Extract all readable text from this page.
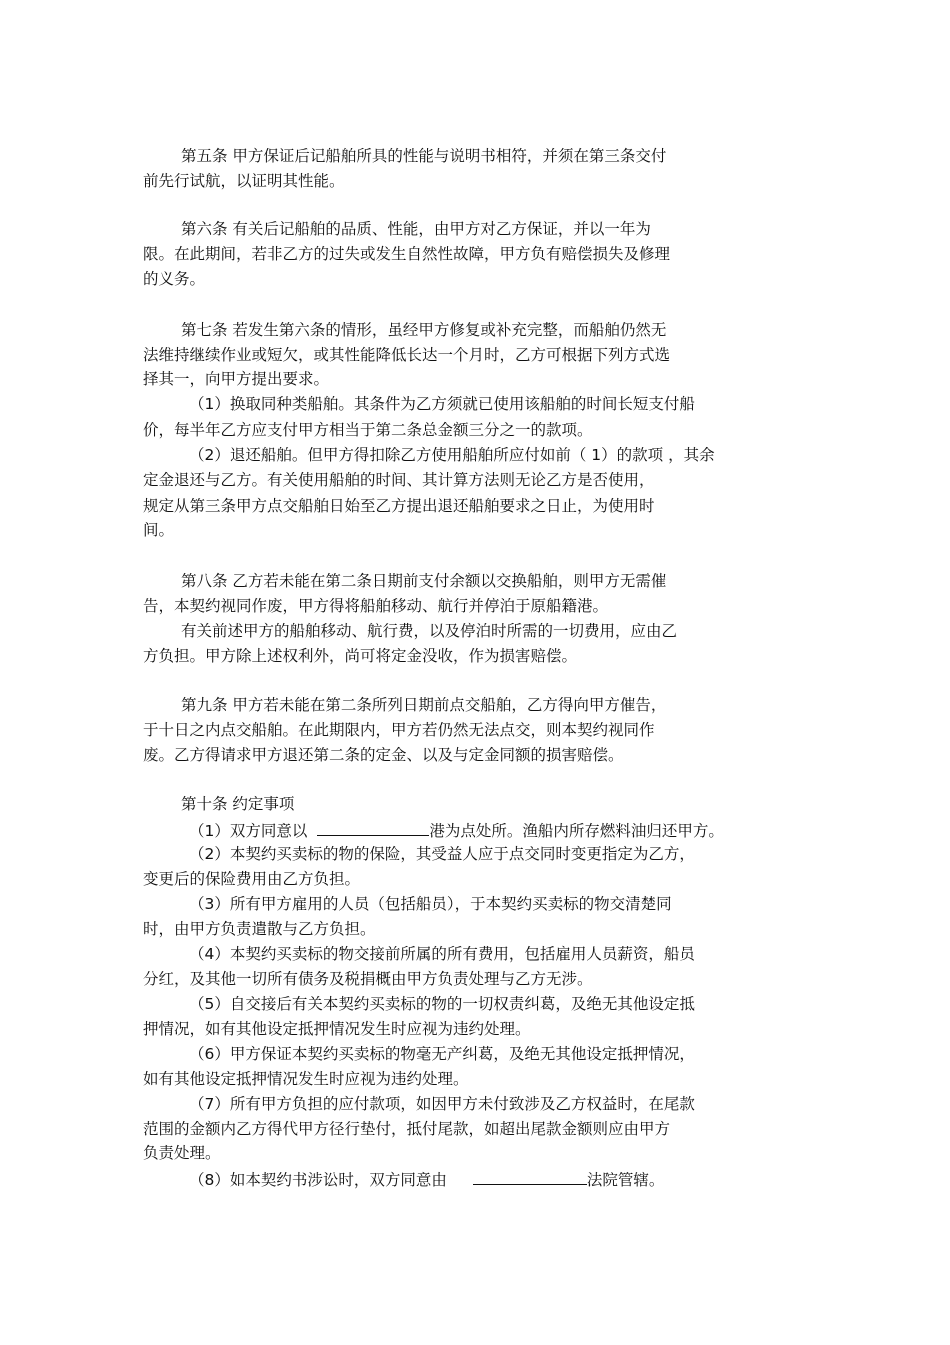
第五条 甲方保证后记船舶所具的性能与说明书相符，并须在第三条交付
前先行试航，以证明其性能。
第六条 有关后记船舶的品质、性能，由甲方对乙方保证，并以一年为
限。在此期间，若非乙方的过失或发生自然性故障，甲方负有赔偿损失及修理
的义务。
第七条 若发生第六条的情形，虽经甲方修复或补充完整，而船舶仍然无
法维持继续作业或短欠，或其性能降低长达一个月时，乙方可根据下列方式选
择其一，向甲方提出要求。
（1）换取同种类船舶。其条件为乙方须就已使用该船舶的时间长短支付船
价，每半年乙方应支付甲方相当于第二条总金额三分之一的款项。
（2）退还船舶。但甲方得扣除乙方使用船舶所应付如前（ 1）的款项 ，其余
定金退还与乙方。有关使用船舶的时间、其计算方法则无论乙方是否使用，
规定从第三条甲方点交船舶日始至乙方提出退还船舶要求之日止，为使用时
间。
第八条 乙方若未能在第二条日期前支付余额以交换船舶，则甲方无需催
告，本契约视同作废，甲方得将船舶移动、航行并停泊于原船籍港。
有关前述甲方的船舶移动、航行费，以及停泊时所需的一切费用，应由乙
方负担。甲方除上述权利外，尚可将定金没收，作为损害赔偿。
第九条 甲方若未能在第二条所列日期前点交船舶，乙方得向甲方催告，
于十日之内点交船舶。在此期限内，甲方若仍然无法点交，则本契约视同作
废。乙方得请求甲方退还第二条的定金、以及与定金同额的损害赔偿。
第十条 约定事项
（1）双方同意以	港为点处所。渔船内所存燃料油归还甲方。
（2）本契约买卖标的物的保险，其受益人应于点交同时变更指定为乙方，
变更后的保险费用由乙方负担。
（3）所有甲方雇用的人员（包括船员），于本契约买卖标的物交清楚同
时，由甲方负责遣散与乙方负担。
（4）本契约买卖标的物交接前所属的所有费用，包括雇用人员薪资，船员
分红，及其他一切所有债务及税捐概由甲方负责处理与乙方无涉。
（5）自交接后有关本契约买卖标的物的一切权责纠葛，及绝无其他设定抵
押情况，如有其他设定抵押情况发生时应视为违约处理。
（6）甲方保证本契约买卖标的物毫无产纠葛，及绝无其他设定抵押情况，
如有其他设定抵押情况发生时应视为违约处理。
（7）所有甲方负担的应付款项，如因甲方未付致涉及乙方权益时，在尾款
范围的金额内乙方得代甲方径行垫付，抵付尾款，如超出尾款金额则应由甲方
负责处理。
（8）如本契约书涉讼时，双方同意由	法院管辖。
